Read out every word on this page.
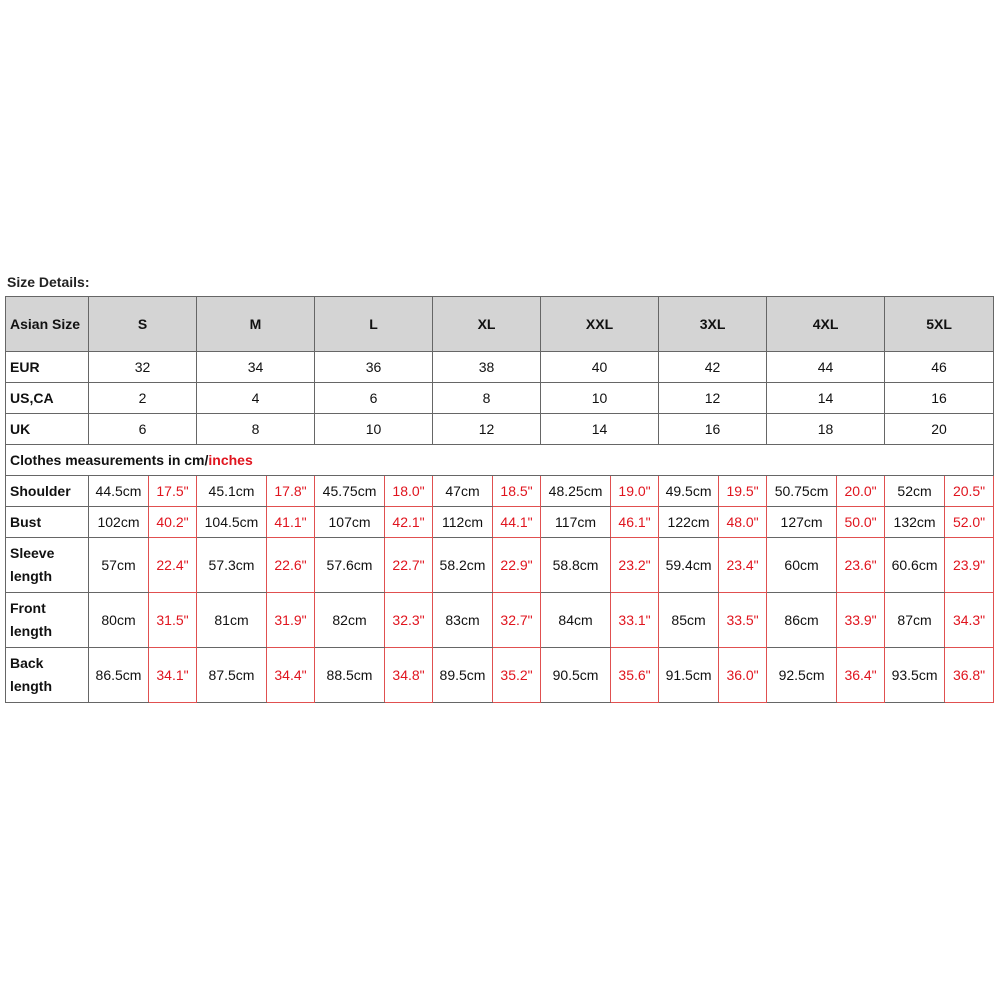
Size Details:
Asian Size	S		M		L		XL		XXL		3XL		4XL		5XL	
EUR	32		34		36		38		40		42		44		46	
US,CA	2		4		6		8		10		12		14		16	
UK	6		8		10		12		14		16		18		20	
Clothes measurements in cm/inches																
Shoulder	44.5cm	17.5"	45.1cm	17.8"	45.75cm	18.0"	47cm	18.5"	48.25cm	19.0"	49.5cm	19.5"	50.75cm	20.0"	52cm	20.5"
Bust	102cm	40.2"	104.5cm	41.1"	107cm	42.1"	112cm	44.1"	117cm	46.1"	122cm	48.0"	127cm	50.0"	132cm	52.0"
Sleeve length	57cm	22.4"	57.3cm	22.6"	57.6cm	22.7"	58.2cm	22.9"	58.8cm	23.2"	59.4cm	23.4"	60cm	23.6"	60.6cm	23.9"
Front length	80cm	31.5"	81cm	31.9"	82cm	32.3"	83cm	32.7"	84cm	33.1"	85cm	33.5"	86cm	33.9"	87cm	34.3"
Back length	86.5cm	34.1"	87.5cm	34.4"	88.5cm	34.8"	89.5cm	35.2"	90.5cm	35.6"	91.5cm	36.0"	92.5cm	36.4"	93.5cm	36.8"
